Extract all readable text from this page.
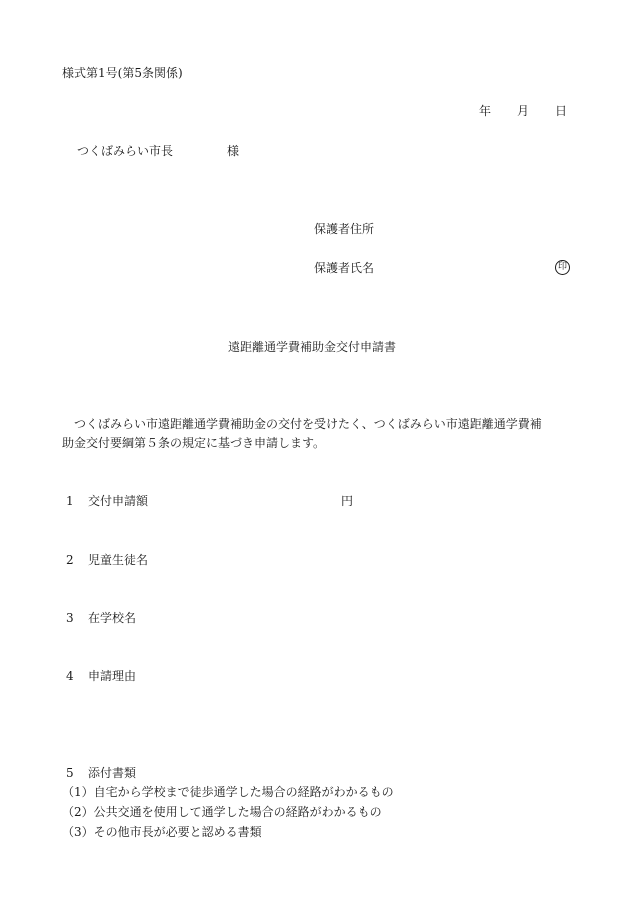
様式第1号(第5条関係)
年 月 日
つくばみらい市長	様
保護者住所
保護者氏名	印
遠距離通学費補助金交付申請書
つくばみらい市遠距離通学費補助金の交付を受けたく、つくばみらい市遠距離通学費補
助金交付要綱第５条の規定に基づき申請します。
1 交付申請額	円
2 児童生徒名
3 在学校名
4 申請理由
5 添付書類
（1）自宅から学校まで徒歩通学した場合の経路がわかるもの
（2）公共交通を使用して通学した場合の経路がわかるもの
（3）その他市長が必要と認める書類
